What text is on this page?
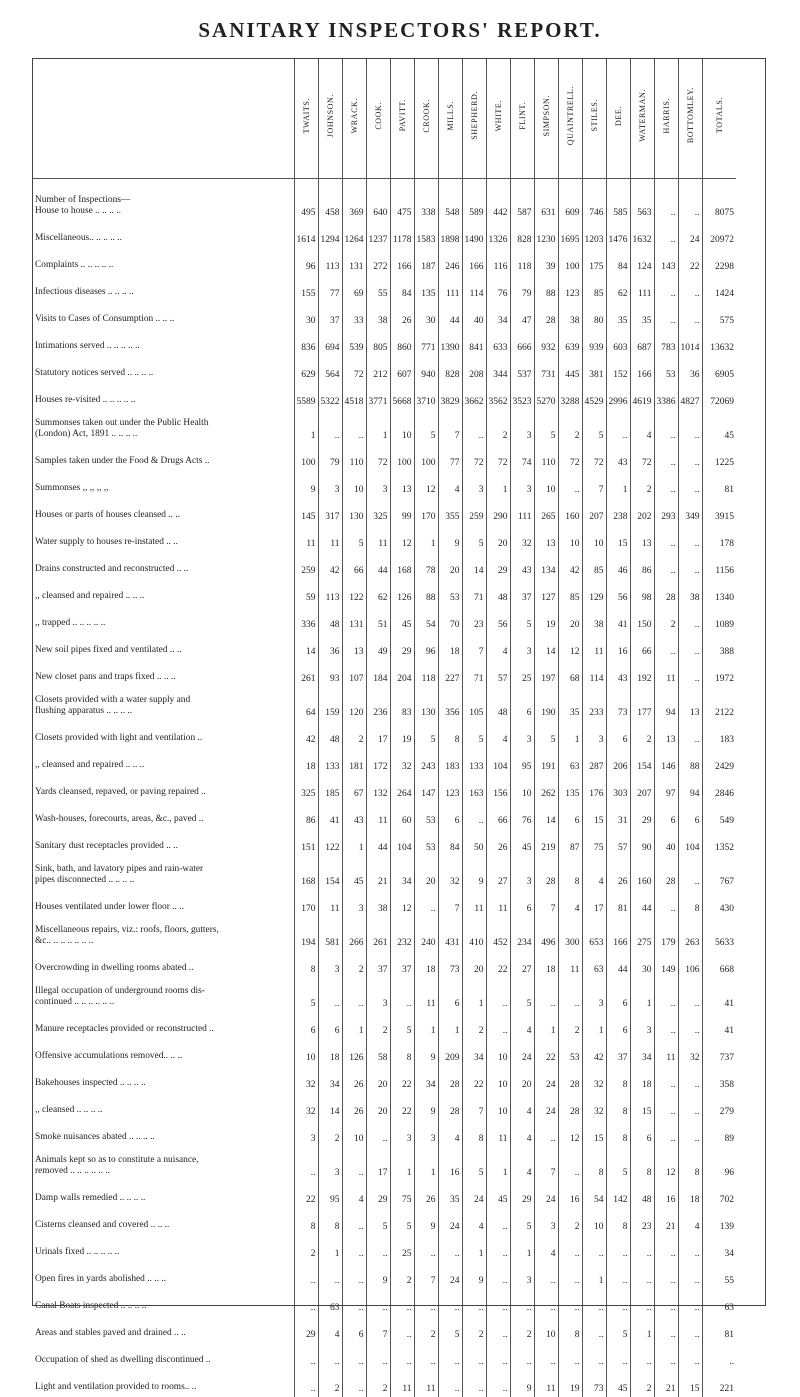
SANITARY INSPECTORS' REPORT.
	TWAITS.	JOHNSON.	WRACK.	COOK.	PAVITT.	CROOK.	MILLS.	SHEPHERD.	WHITE.	FLINT.	SIMPSON.	QUAINTRELL.	STILES.	DEE.	WATERMAN.	HARRIS.	BOTTOMLEY.	TOTALS.

Number of Inspections—
House to house .. .. .. ..	495	458	369	640	475	338	548	589	442	587	631	609	746	585	563	..	..	8075
Miscellaneous.. .. .. .. ..	1614	1294	1264	1237	1178	1583	1898	1490	1326	828	1230	1695	1203	1476	1632	..	24	20972
Complaints .. .. .. .. ..	96	113	131	272	166	187	246	166	116	118	39	100	175	84	124	143	22	2298
Infectious diseases .. .. .. ..	155	77	69	55	84	135	111	114	76	79	88	123	85	62	111	..	..	1424
Visits to Cases of Consumption .. .. ..	30	37	33	38	26	30	44	40	34	47	28	38	80	35	35	..	..	575
Intimations served .. .. .. .. ..	836	694	539	805	860	771	1390	841	633	666	932	639	939	603	687	783	1014	13632
Statutory notices served .. .. .. ..	629	564	72	212	607	940	828	208	344	537	731	445	381	152	166	53	36	6905
Houses re-visited .. .. .. .. ..	5589	5322	4518	3771	5668	3710	3829	3662	3562	3523	5270	3288	4529	2996	4619	3386	4827	72069
Summonses taken out under the Public Health
(London) Act, 1891 .. .. .. ..	1	..	..	1	10	5	7	..	2	3	5	2	5	..	4	..	..	45
Samples taken under the Food & Drugs Acts ..	100	79	110	72	100	100	77	72	72	74	110	72	72	43	72	..	..	1225
Summonses ,, ,, ,, ,,	9	3	10	3	13	12	4	3	1	3	10	..	7	1	2	..	..	81
Houses or parts of houses cleansed .. ..	145	317	130	325	99	170	355	259	290	111	265	160	207	238	202	293	349	3915
Water supply to houses re-instated .. ..	11	11	5	11	12	1	9	5	20	32	13	10	10	15	13	..	..	178
Drains constructed and reconstructed .. ..	259	42	66	44	168	78	20	14	29	43	134	42	85	46	86	..	..	1156
,, cleansed and repaired .. .. ..	59	113	122	62	126	88	53	71	48	37	127	85	129	56	98	28	38	1340
,, trapped .. .. .. .. ..	336	48	131	51	45	54	70	23	56	5	19	20	38	41	150	2	..	1089
New soil pipes fixed and ventilated .. ..	14	36	13	49	29	96	18	7	4	3	14	12	11	16	66	..	..	388
New closet pans and traps fixed .. .. ..	261	93	107	184	204	118	227	71	57	25	197	68	114	43	192	11	..	1972
Closets provided with a water supply and
flushing apparatus .. .. .. ..	64	159	120	236	83	130	356	105	48	6	190	35	233	73	177	94	13	2122
Closets provided with light and ventilation ..	42	48	2	17	19	5	8	5	4	3	5	1	3	6	2	13	..	183
,, cleansed and repaired .. .. ..	18	133	181	172	32	243	183	133	104	95	191	63	287	206	154	146	88	2429
Yards cleansed, repaved, or paving repaired ..	325	185	67	132	264	147	123	163	156	10	262	135	176	303	207	97	94	2846
Wash-houses, forecourts, areas, &c., paved ..	86	41	43	11	60	53	6	..	66	76	14	6	15	31	29	6	6	549
Sanitary dust receptacles provided .. ..	151	122	1	44	104	53	84	50	26	45	219	87	75	57	90	40	104	1352
Sink, bath, and lavatory pipes and rain-water
pipes disconnected .. .. .. ..	168	154	45	21	34	20	32	9	27	3	28	8	4	26	160	28	..	767
Houses ventilated under lower floor .. ..	170	11	3	38	12	..	7	11	11	6	7	4	17	81	44	..	8	430
Miscellaneous repairs, viz.: roofs, floors, gutters,
&c.. .. .. .. .. .. ..	194	581	266	261	232	240	431	410	452	234	496	300	653	166	275	179	263	5633
Overcrowding in dwelling rooms abated ..	8	3	2	37	37	18	73	20	22	27	18	11	63	44	30	149	106	668
Illegal occupation of underground rooms dis-
continued .. .. .. .. .. ..	5	..	..	3	..	11	6	1	..	5	..	..	3	6	1	..	..	41
Manure receptacles provided or reconstructed ..	6	6	1	2	5	1	1	2	..	4	1	2	1	6	3	..	..	41
Offensive accumulations removed.. .. ..	10	18	126	58	8	9	209	34	10	24	22	53	42	37	34	11	32	737
Bakehouses inspected .. .. .. ..	32	34	26	20	22	34	28	22	10	20	24	28	32	8	18	..	..	358
,, cleansed .. .. .. ..	32	14	26	20	22	9	28	7	10	4	24	28	32	8	15	..	..	279
Smoke nuisances abated .. .. .. ..	3	2	10	..	3	3	4	8	11	4	..	12	15	8	6	..	..	89
Animals kept so as to constitute a nuisance,
removed .. .. .. .. .. ..	..	3	..	17	1	1	16	5	1	4	7	..	8	5	8	12	8	96
Damp walls remedied .. .. .. ..	22	95	4	29	75	26	35	24	45	29	24	16	54	142	48	16	18	702
Cisterns cleansed and covered .. .. ..	8	8	..	5	5	9	24	4	..	5	3	2	10	8	23	21	4	139
Urinals fixed .. .. .. .. ..	2	1	..	..	25	..	..	1	..	1	4	..	..	..	..	..	..	34
Open fires in yards abolished .. .. ..	..	..	..	9	2	7	24	9	..	3	..	..	1	..	..	..	..	55
Canal Boats inspected .. .. .. ..	..	63	..	..	..	..	..	..	..	..	..	..	..	..	..	..	..	63
Areas and stables paved and drained .. ..	29	4	6	7	..	2	5	2	..	2	10	8	..	5	1	..	..	81
Occupation of shed as dwelling discontinued ..	..	..	..	..	..	..	..	..	..	..	..	..	..	..	..	..	..	..
Light and ventilation provided to rooms.. ..	..	2	..	2	11	11	..	..	..	9	11	19	73	45	2	21	15	221
